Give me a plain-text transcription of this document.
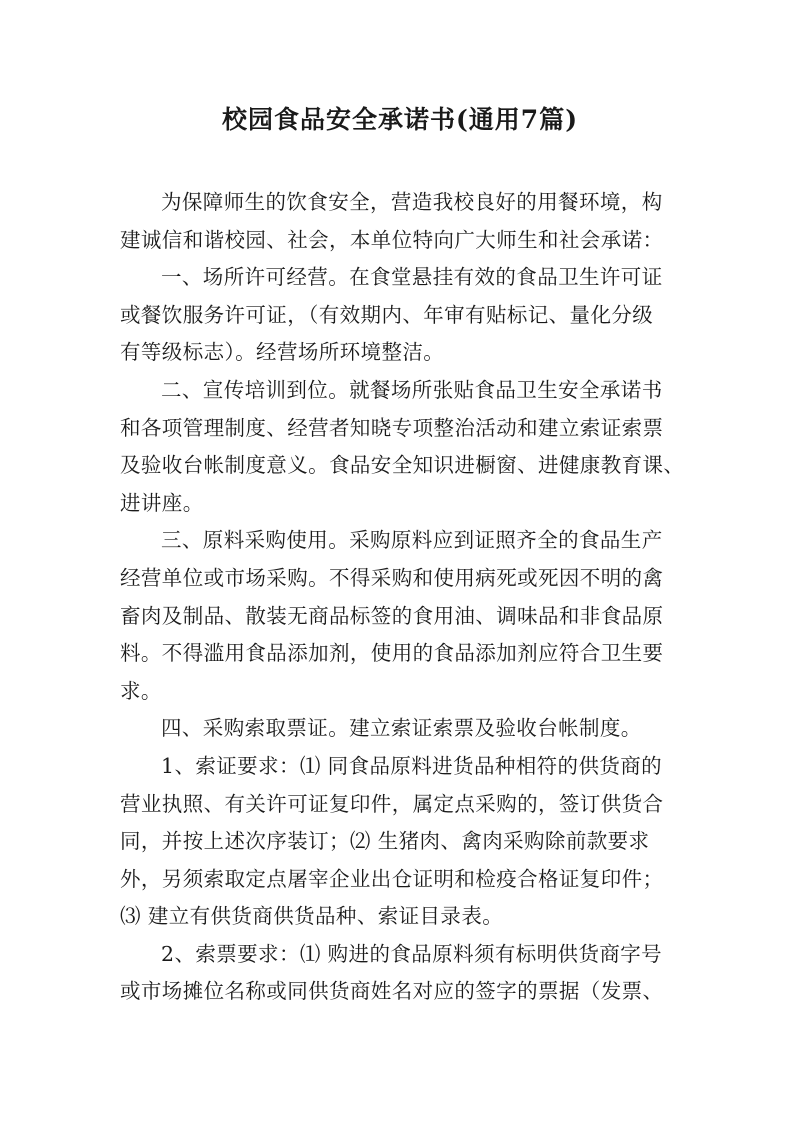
校园食品安全承诺书(通用7篇)

为保障师生的饮食安全，营造我校良好的用餐环境，构
建诚信和谐校园、社会，本单位特向广大师生和社会承诺：

一、场所许可经营。在食堂悬挂有效的食品卫生许可证
或餐饮服务许可证，（有效期内、年审有贴标记、量化分级
有等级标志）。经营场所环境整洁。

二、宣传培训到位。就餐场所张贴食品卫生安全承诺书
和各项管理制度、经营者知晓专项整治活动和建立索证索票
及验收台帐制度意义。食品安全知识进橱窗、进健康教育课、
进讲座。

三、原料采购使用。采购原料应到证照齐全的食品生产
经营单位或市场采购。不得采购和使用病死或死因不明的禽
畜肉及制品、散装无商品标签的食用油、调味品和非食品原
料。不得滥用食品添加剂，使用的食品添加剂应符合卫生要
求。

四、采购索取票证。建立索证索票及验收台帐制度。

1、索证要求：⑴ 同食品原料进货品种相符的供货商的
营业执照、有关许可证复印件，属定点采购的，签订供货合
同，并按上述次序装订；⑵ 生猪肉、禽肉采购除前款要求
外，另须索取定点屠宰企业出仓证明和检疫合格证复印件；
⑶ 建立有供货商供货品种、索证目录表。

2、索票要求：⑴ 购进的食品原料须有标明供货商字号
或市场摊位名称或同供货商姓名对应的签字的票据（发票、
